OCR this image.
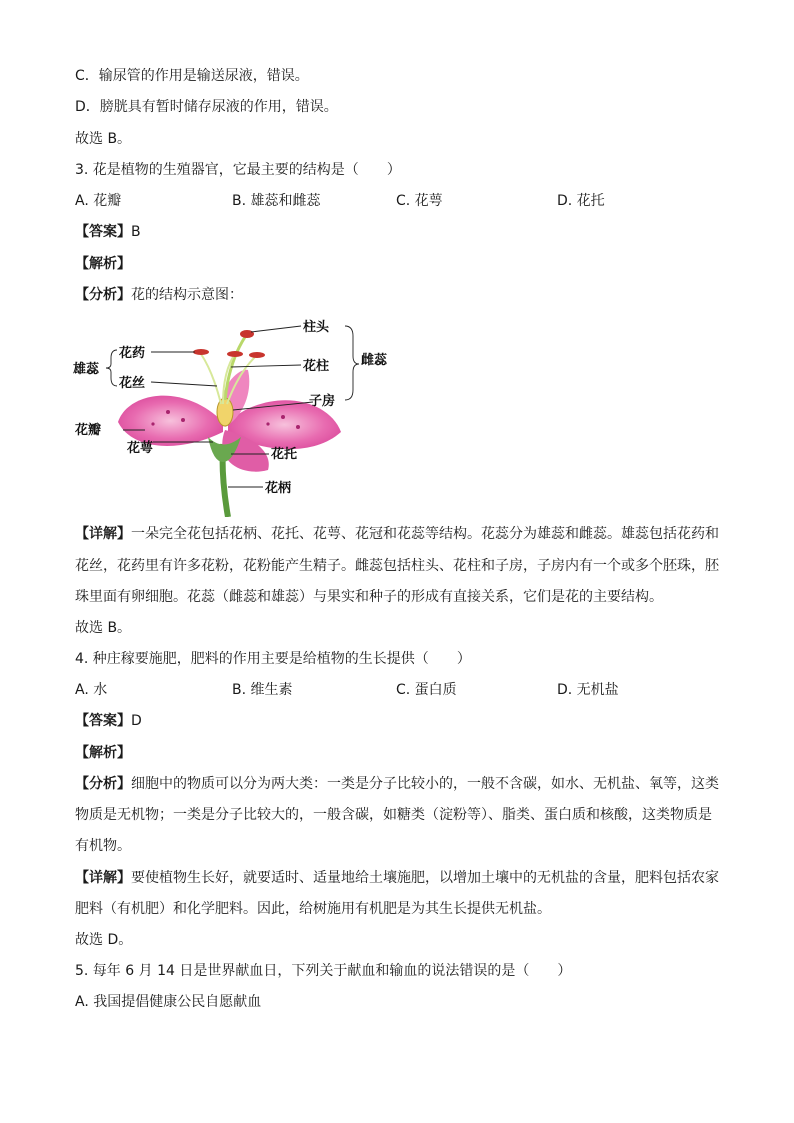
C．输尿管的作用是输送尿液，错误。
D．膀胱具有暂时储存尿液的作用，错误。
故选 B。
3. 花是植物的生殖器官，它最主要的结构是（ ）
A. 花瓣	B. 雄蕊和雌蕊	C. 花萼	D. 花托
【答案】B
【解析】
【分析】花的结构示意图：
雄蕊
雌蕊
柱头
花药
花柱
花丝
子房
花瓣
花萼	花托
花柄
【详解】一朵完全花包括花柄、花托、花萼、花冠和花蕊等结构。花蕊分为雄蕊和雌蕊。雄蕊包括花药和
花丝，花药里有许多花粉，花粉能产生精子。雌蕊包括柱头、花柱和子房，子房内有一个或多个胚珠，胚
珠里面有卵细胞。花蕊（雌蕊和雄蕊）与果实和种子的形成有直接关系，它们是花的主要结构。
故选 B。
4. 种庄稼要施肥，肥料的作用主要是给植物的生长提供（ ）
A. 水	B. 维生素	C. 蛋白质	D. 无机盐
【答案】D
【解析】
【分析】细胞中的物质可以分为两大类：一类是分子比较小的，一般不含碳，如水、无机盐、氧等，这类
物质是无机物；一类是分子比较大的，一般含碳，如糖类（淀粉等）、脂类、蛋白质和核酸，这类物质是
有机物。
【详解】要使植物生长好，就要适时、适量地给土壤施肥，以增加土壤中的无机盐的含量，肥料包括农家
肥料（有机肥）和化学肥料。因此，给树施用有机肥是为其生长提供无机盐。
故选 D。
5. 每年 6 月 14 日是世界献血日，下列关于献血和输血的说法错误的是（ ）
A. 我国提倡健康公民自愿献血
